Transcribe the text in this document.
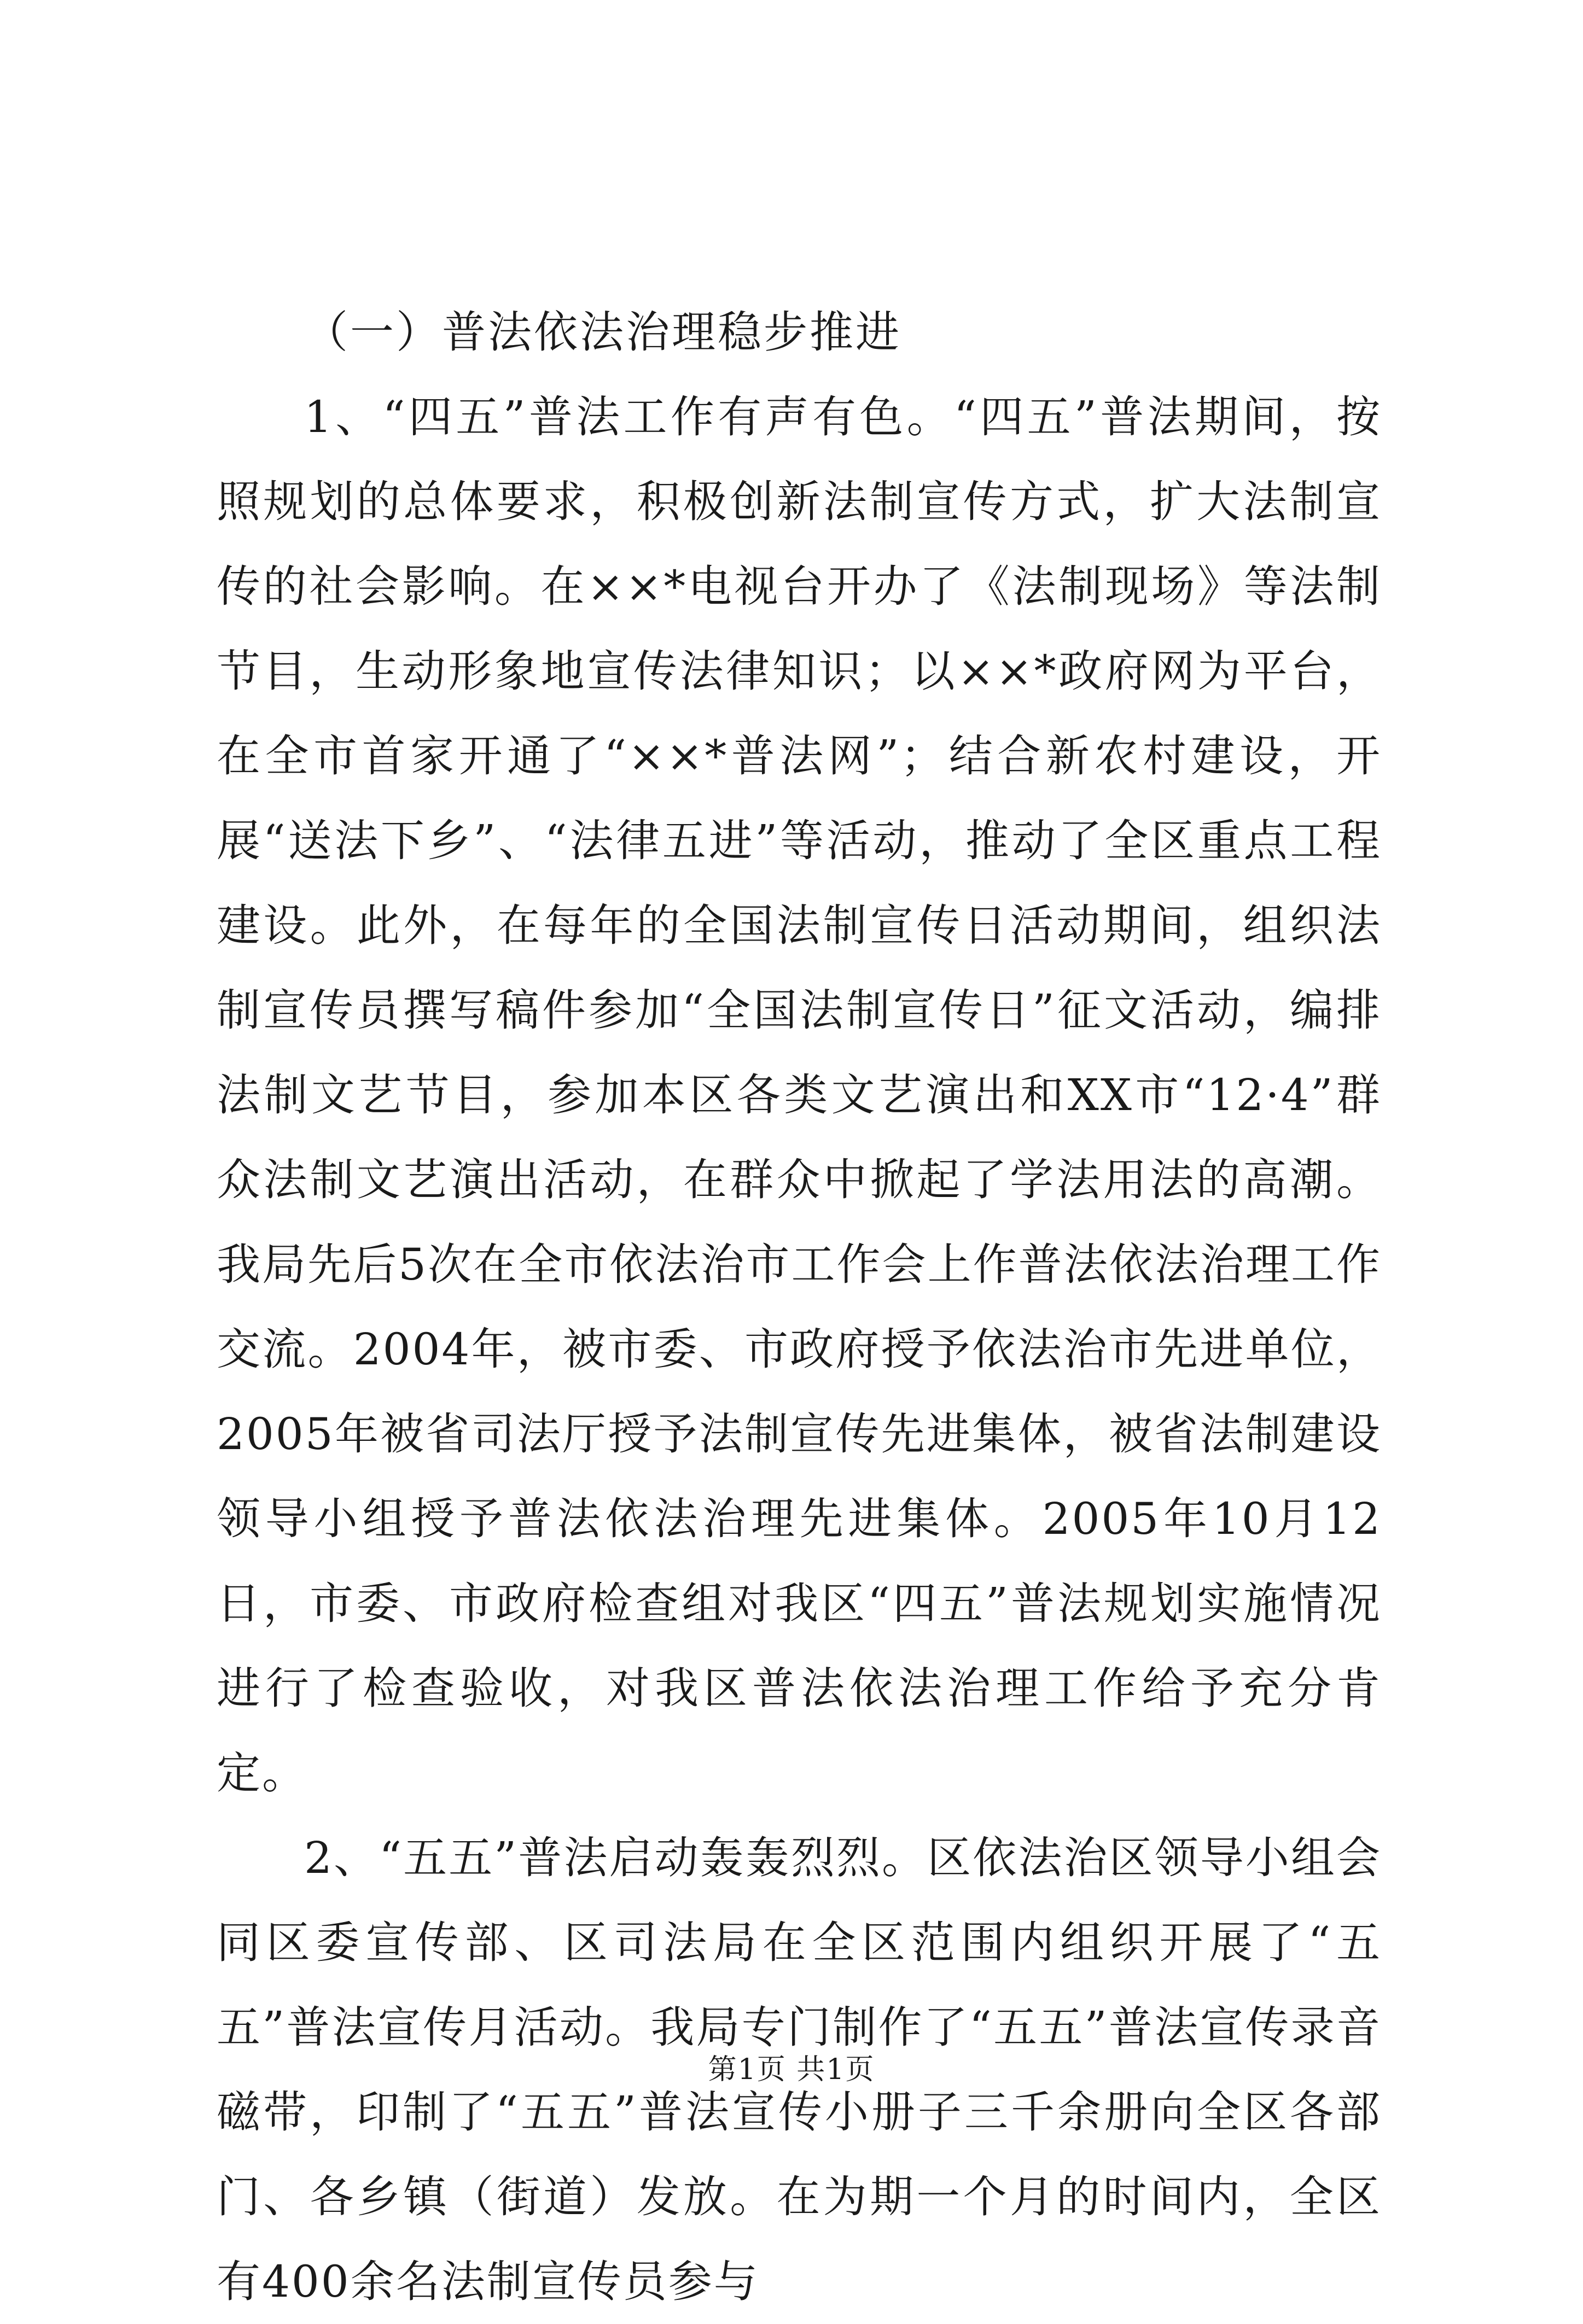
（一）普法依法治理稳步推进

1、“四五”普法工作有声有色。“四五”普法期间，按照规划的总体要求，积极创新法制宣传方式，扩大法制宣传的社会影响。在××*电视台开办了《法制现场》等法制节目，生动形象地宣传法律知识；以××*政府网为平台，在全市首家开通了“××*普法网”；结合新农村建设，开展“送法下乡”、“法律五进”等活动，推动了全区重点工程建设。此外，在每年的全国法制宣传日活动期间，组织法制宣传员撰写稿件参加“全国法制宣传日”征文活动，编排法制文艺节目，参加本区各类文艺演出和XX市“12·4”群众法制文艺演出活动，在群众中掀起了学法用法的高潮。我局先后5次在全市依法治市工作会上作普法依法治理工作交流。2004年，被市委、市政府授予依法治市先进单位，2005年被省司法厅授予法制宣传先进集体，被省法制建设领导小组授予普法依法治理先进集体。2005年10月12日，市委、市政府检查组对我区“四五”普法规划实施情况进行了检查验收，对我区普法依法治理工作给予充分肯定。

2、“五五”普法启动轰轰烈烈。区依法治区领导小组会同区委宣传部、区司法局在全区范围内组织开展了“五五”普法宣传月活动。我局专门制作了“五五”普法宣传录音磁带，印制了“五五”普法宣传小册子三千余册向全区各部门、各乡镇（街道）发放。在为期一个月的时间内，全区有400余名法制宣传员参与

第1页 共1页
